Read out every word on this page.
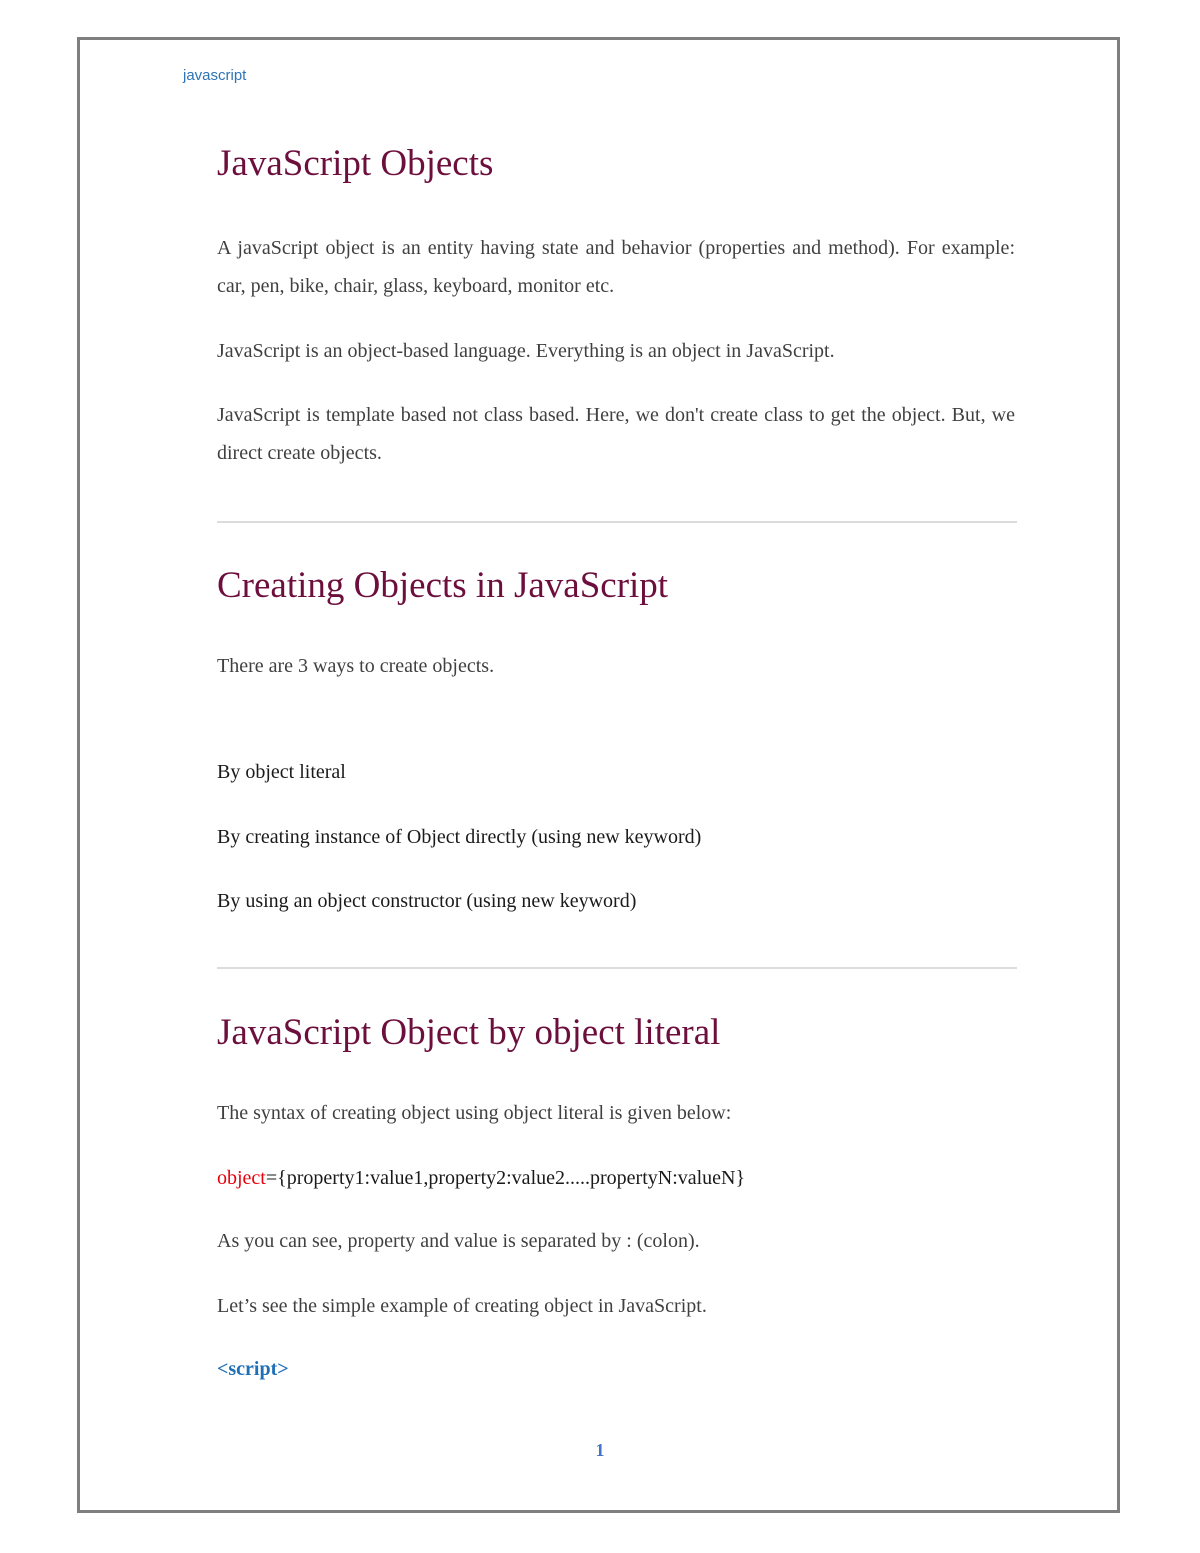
javascript
JavaScript Objects

A javaScript object is an entity having state and behavior (properties and method). For example: car, pen, bike, chair, glass, keyboard, monitor etc.

JavaScript is an object-based language. Everything is an object in JavaScript.

JavaScript is template based not class based. Here, we don't create class to get the object. But, we direct create objects.

Creating Objects in JavaScript

There are 3 ways to create objects.

By object literal

By creating instance of Object directly (using new keyword)

By using an object constructor (using new keyword)

JavaScript Object by object literal

The syntax of creating object using object literal is given below:

object={property1:value1,property2:value2.....propertyN:valueN}

As you can see, property and value is separated by : (colon).

Let’s see the simple example of creating object in JavaScript.

<script>

1
